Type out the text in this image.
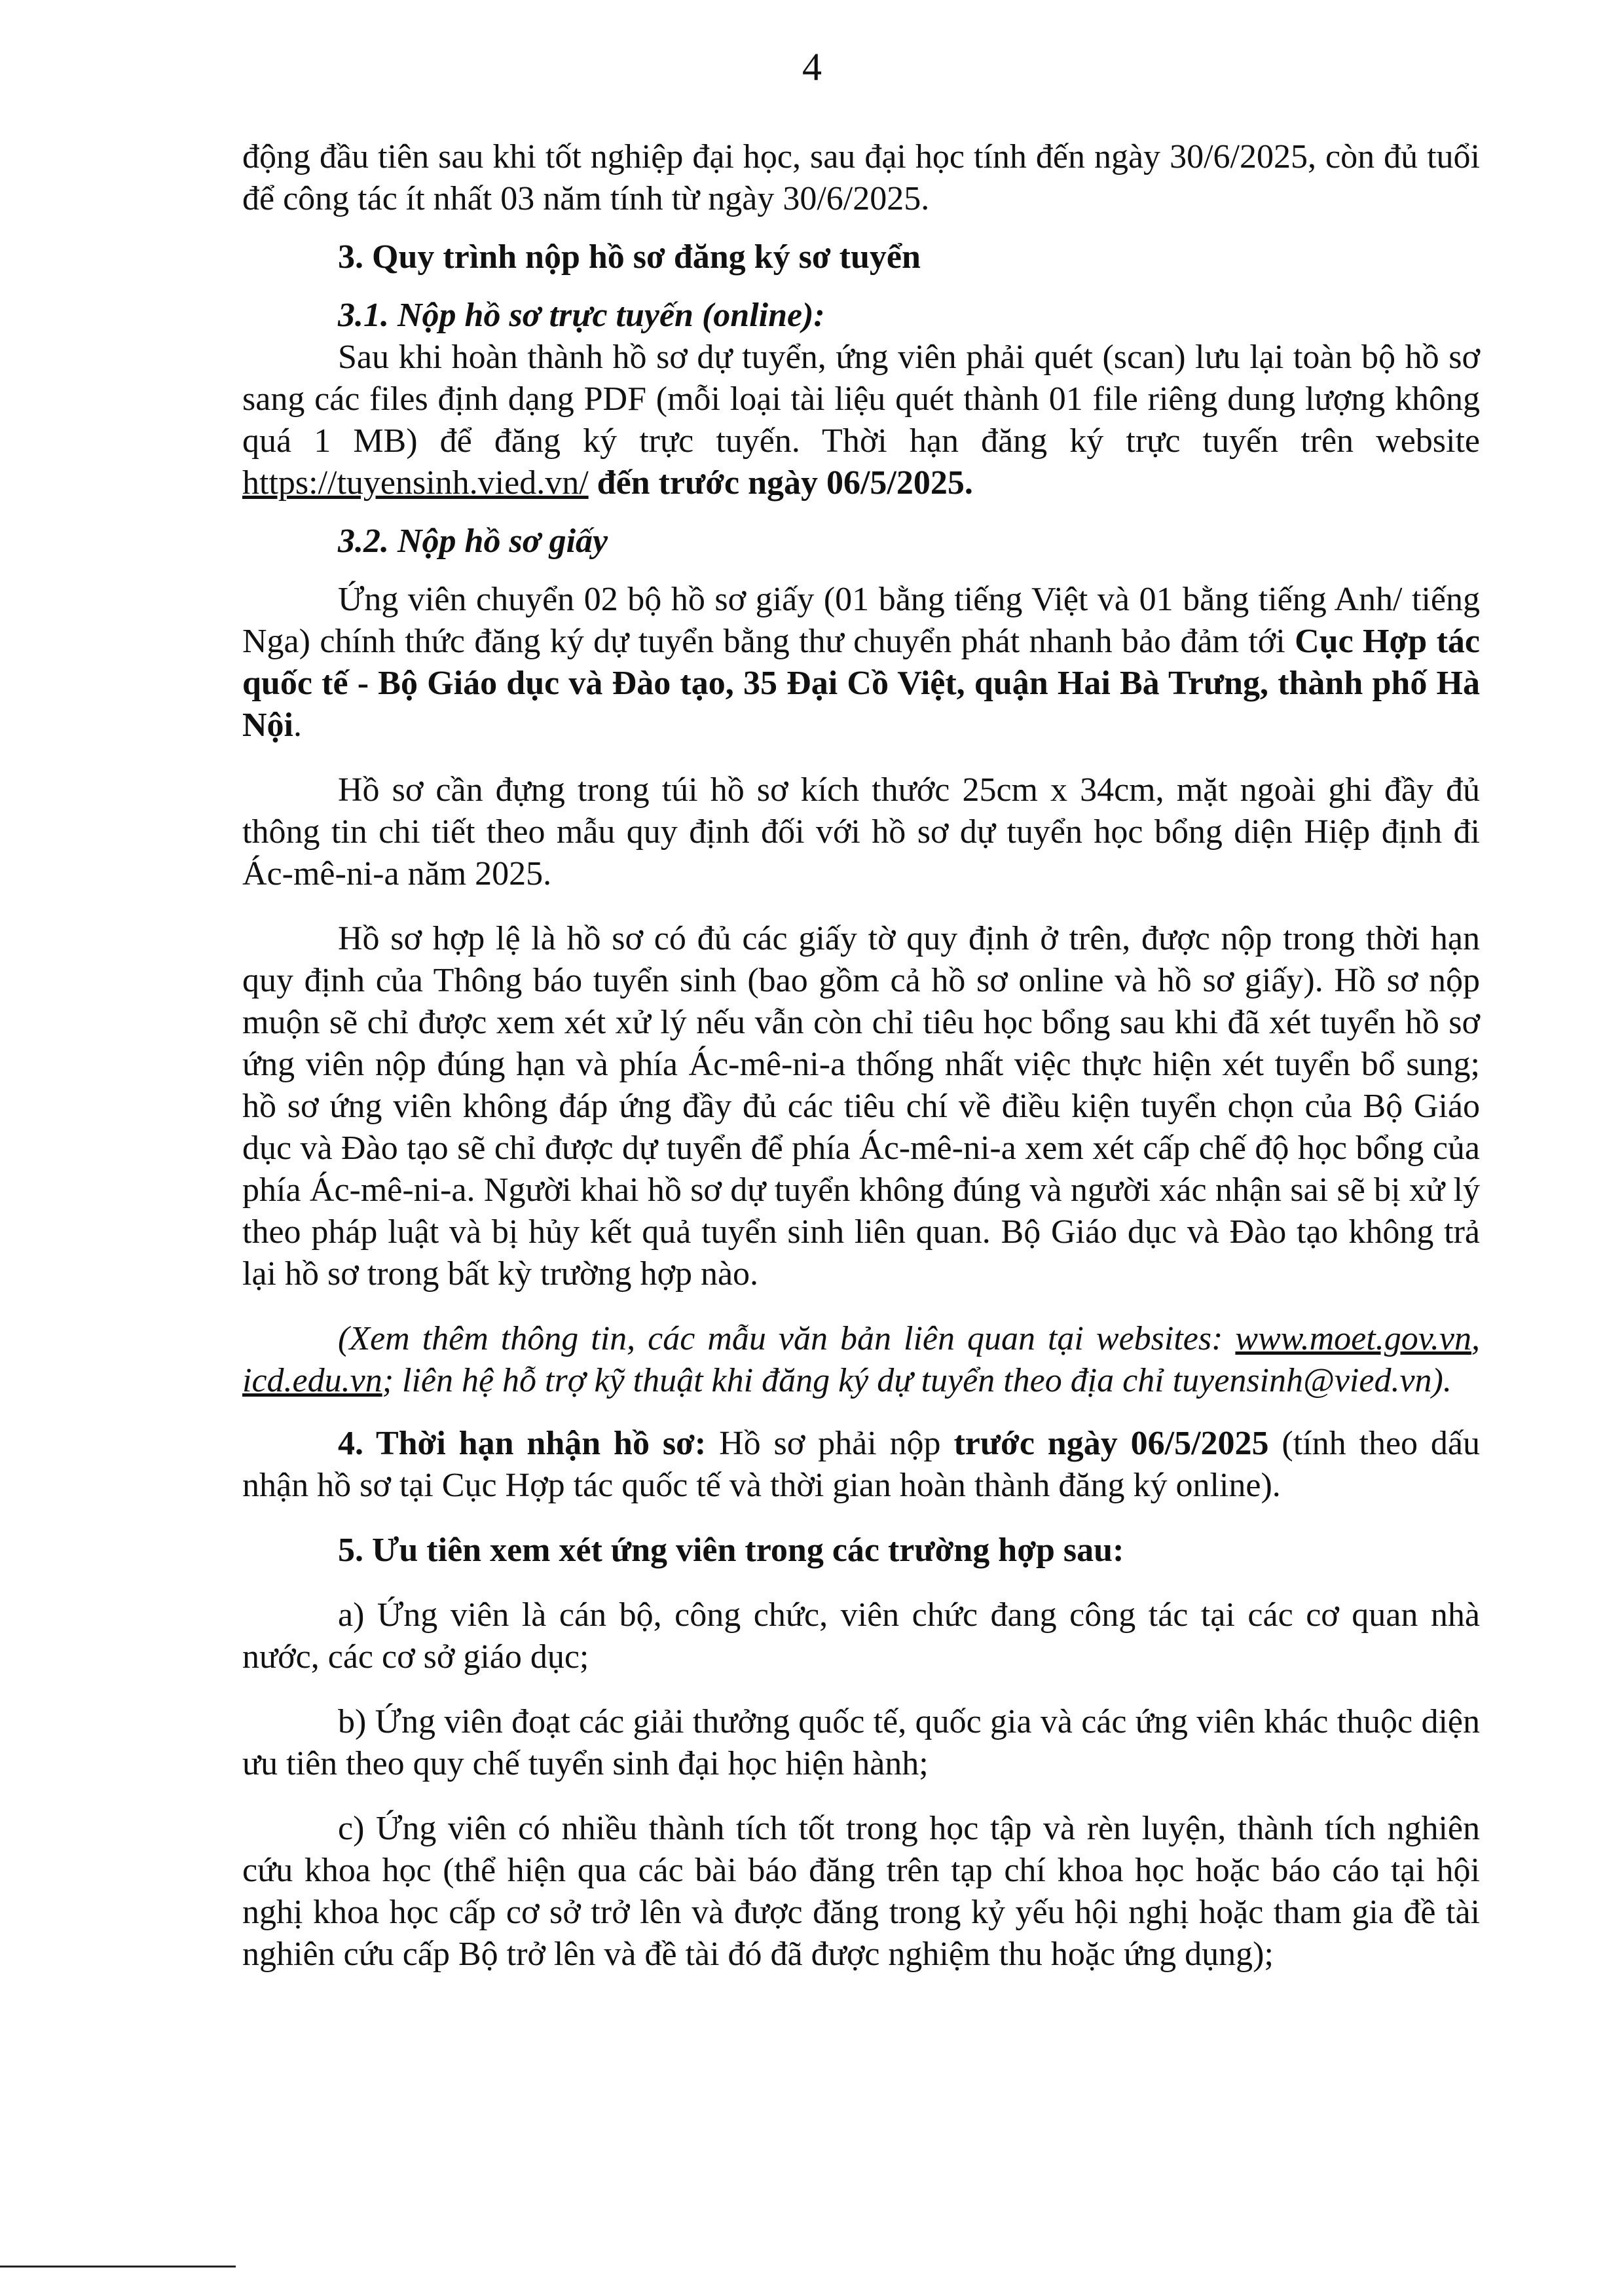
4

động đầu tiên sau khi tốt nghiệp đại học, sau đại học tính đến ngày 30/6/2025, còn đủ tuổi để công tác ít nhất 03 năm tính từ ngày 30/6/2025.

3. Quy trình nộp hồ sơ đăng ký sơ tuyển

3.1. Nộp hồ sơ trực tuyến (online):

Sau khi hoàn thành hồ sơ dự tuyển, ứng viên phải quét (scan) lưu lại toàn bộ hồ sơ sang các files định dạng PDF (mỗi loại tài liệu quét thành 01 file riêng dung lượng không quá 1 MB) để đăng ký trực tuyến. Thời hạn đăng ký trực tuyến trên website https://tuyensinh.vied.vn/ đến trước ngày 06/5/2025.

3.2. Nộp hồ sơ giấy

Ứng viên chuyển 02 bộ hồ sơ giấy (01 bằng tiếng Việt và 01 bằng tiếng Anh/ tiếng Nga) chính thức đăng ký dự tuyển bằng thư chuyển phát nhanh bảo đảm tới Cục Hợp tác quốc tế - Bộ Giáo dục và Đào tạo, 35 Đại Cồ Việt, quận Hai Bà Trưng, thành phố Hà Nội.

Hồ sơ cần đựng trong túi hồ sơ kích thước 25cm x 34cm, mặt ngoài ghi đầy đủ thông tin chi tiết theo mẫu quy định đối với hồ sơ dự tuyển học bổng diện Hiệp định đi Ác-mê-ni-a năm 2025.

Hồ sơ hợp lệ là hồ sơ có đủ các giấy tờ quy định ở trên, được nộp trong thời hạn quy định của Thông báo tuyển sinh (bao gồm cả hồ sơ online và hồ sơ giấy). Hồ sơ nộp muộn sẽ chỉ được xem xét xử lý nếu vẫn còn chỉ tiêu học bổng sau khi đã xét tuyển hồ sơ ứng viên nộp đúng hạn và phía Ác-mê-ni-a thống nhất việc thực hiện xét tuyển bổ sung; hồ sơ ứng viên không đáp ứng đầy đủ các tiêu chí về điều kiện tuyển chọn của Bộ Giáo dục và Đào tạo sẽ chỉ được dự tuyển để phía Ác-mê-ni-a xem xét cấp chế độ học bổng của phía Ác-mê-ni-a. Người khai hồ sơ dự tuyển không đúng và người xác nhận sai sẽ bị xử lý theo pháp luật và bị hủy kết quả tuyển sinh liên quan. Bộ Giáo dục và Đào tạo không trả lại hồ sơ trong bất kỳ trường hợp nào.

(Xem thêm thông tin, các mẫu văn bản liên quan tại websites: www.moet.gov.vn, icd.edu.vn; liên hệ hỗ trợ kỹ thuật khi đăng ký dự tuyển theo địa chỉ tuyensinh@vied.vn).

4. Thời hạn nhận hồ sơ: Hồ sơ phải nộp trước ngày 06/5/2025 (tính theo dấu nhận hồ sơ tại Cục Hợp tác quốc tế và thời gian hoàn thành đăng ký online).

5. Ưu tiên xem xét ứng viên trong các trường hợp sau:

a) Ứng viên là cán bộ, công chức, viên chức đang công tác tại các cơ quan nhà nước, các cơ sở giáo dục;

b) Ứng viên đoạt các giải thưởng quốc tế, quốc gia và các ứng viên khác thuộc diện ưu tiên theo quy chế tuyển sinh đại học hiện hành;

c) Ứng viên có nhiều thành tích tốt trong học tập và rèn luyện, thành tích nghiên cứu khoa học (thể hiện qua các bài báo đăng trên tạp chí khoa học hoặc báo cáo tại hội nghị khoa học cấp cơ sở trở lên và được đăng trong kỷ yếu hội nghị hoặc tham gia đề tài nghiên cứu cấp Bộ trở lên và đề tài đó đã được nghiệm thu hoặc ứng dụng);
